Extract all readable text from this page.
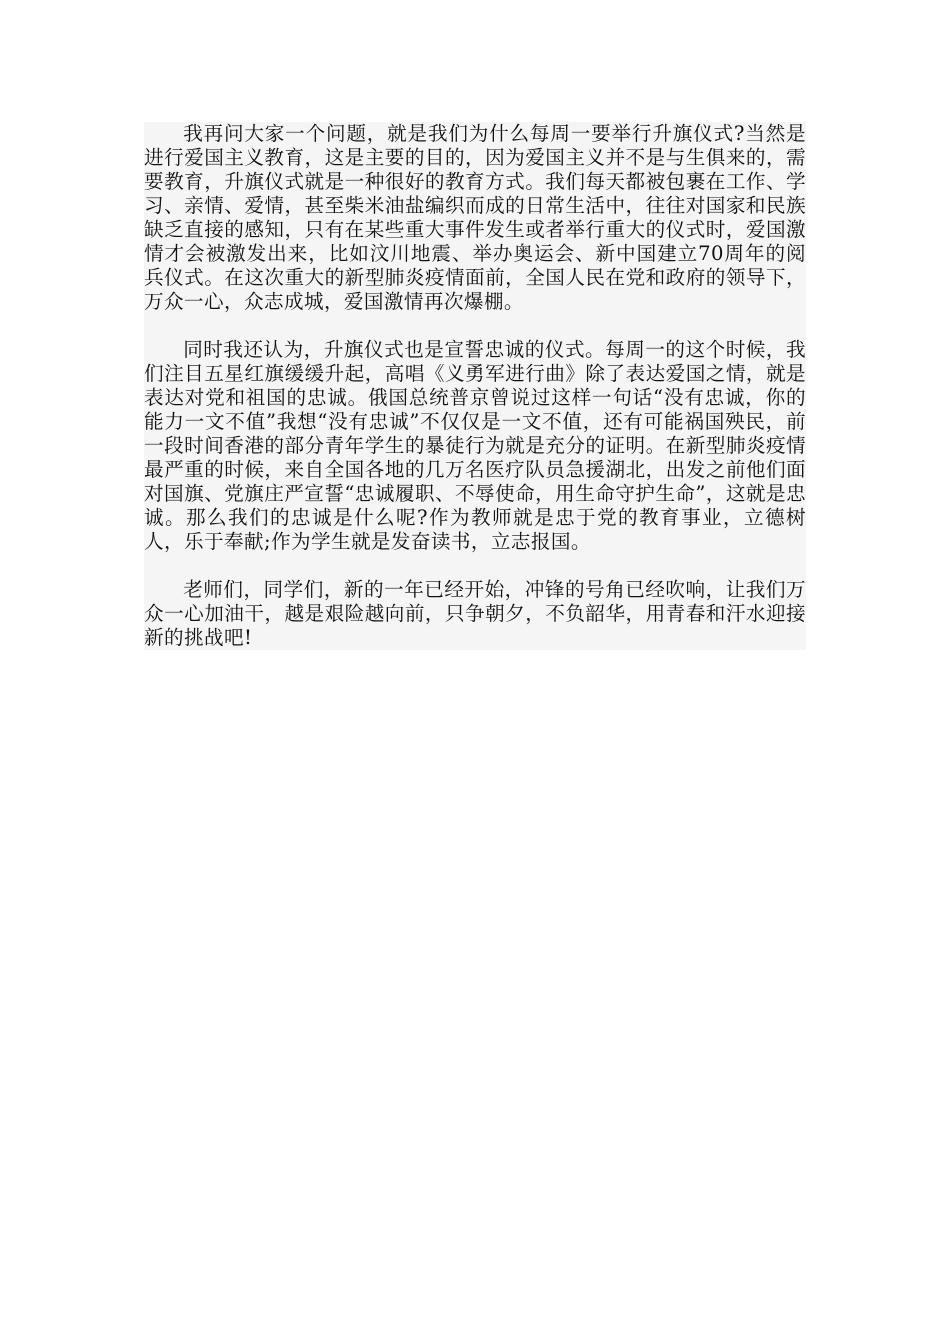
我再问大家一个问题，就是我们为什么每周一要举行升旗仪式?当然是进行爱国主义教育，这是主要的目的，因为爱国主义并不是与生俱来的，需要教育，升旗仪式就是一种很好的教育方式。我们每天都被包裹在工作、学习、亲情、爱情，甚至柴米油盐编织而成的日常生活中，往往对国家和民族缺乏直接的感知，只有在某些重大事件发生或者举行重大的仪式时，爱国激情才会被激发出来，比如汶川地震、举办奥运会、新中国建立70周年的阅兵仪式。在这次重大的新型肺炎疫情面前，全国人民在党和政府的领导下，万众一心，众志成城，爱国激情再次爆棚。

同时我还认为，升旗仪式也是宣誓忠诚的仪式。每周一的这个时候，我们注目五星红旗缓缓升起，高唱《义勇军进行曲》除了表达爱国之情，就是表达对党和祖国的忠诚。俄国总统普京曾说过这样一句话“没有忠诚，你的能力一文不值”我想“没有忠诚”不仅仅是一文不值，还有可能祸国殃民，前一段时间香港的部分青年学生的暴徒行为就是充分的证明。在新型肺炎疫情最严重的时候，来自全国各地的几万名医疗队员急援湖北，出发之前他们面对国旗、党旗庄严宣誓“忠诚履职、不辱使命，用生命守护生命”，这就是忠诚。那么我们的忠诚是什么呢?作为教师就是忠于党的教育事业，立德树人，乐于奉献;作为学生就是发奋读书，立志报国。

老师们，同学们，新的一年已经开始，冲锋的号角已经吹响，让我们万众一心加油干，越是艰险越向前，只争朝夕，不负韶华，用青春和汗水迎接新的挑战吧!
